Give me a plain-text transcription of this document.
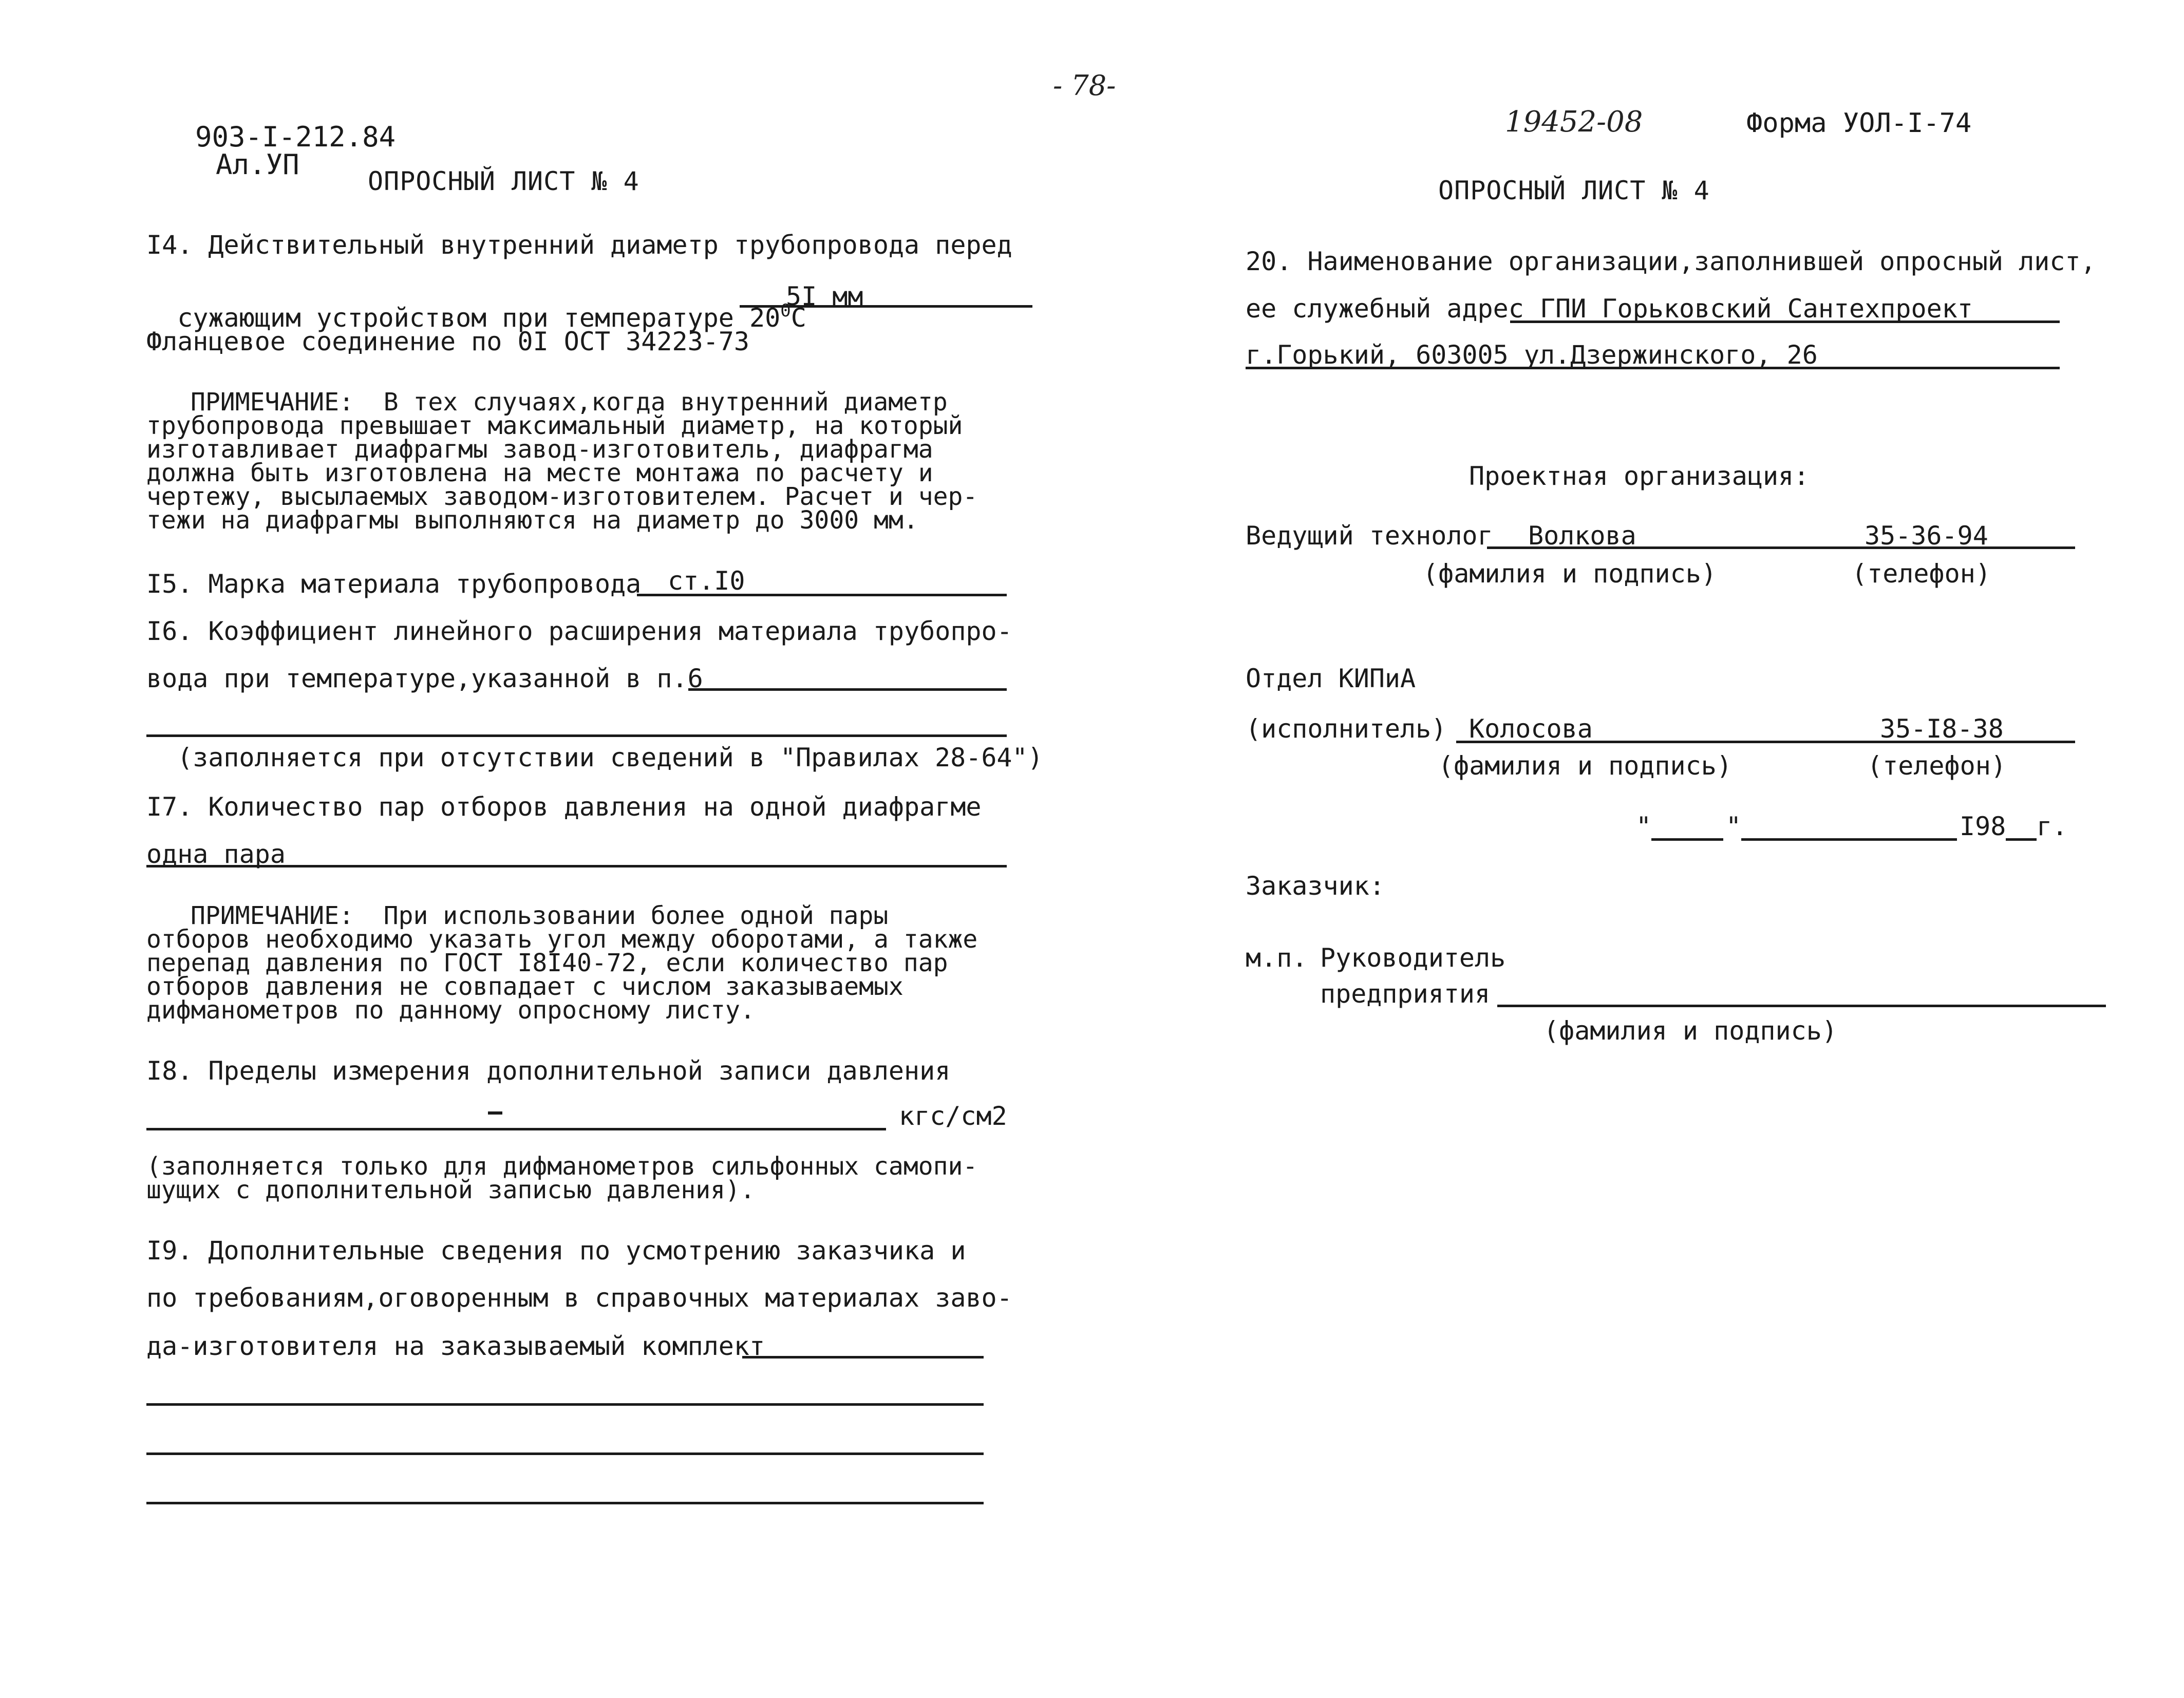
903-I-212.84
Ал.УП

- 78-
19452-08	Форма УОЛ-I-74
ОПРОСНЫЙ ЛИСТ № 4
I4. Действительный внутренний диаметр трубопровода перед

сужающим устройством при температуре $20^0С$

5I мм
Фланцевое соединение по 0I ОСТ 34223-73
ПРИМЕЧАНИЕ:  В тех случаях,когда внутренний диаметр
трубопровода превышает максимальный диаметр, на который
изготавливает диафрагмы завод-изготовитель, диафрагма
должна быть изготовлена на месте монтажа по расчету и
чертежу, высылаемых заводом-изготовителем. Расчет и чер-
тежи на диафрагмы выполняются на диаметр до 3000 мм.
I5. Марка материала трубопровода ст.I0
I6. Коэффициент линейного расширения материала трубопро-
вода при температуре,указанной в п.6
(заполняется при отсутствии сведений в "Правилах 28-64")
I7. Количество пар отборов давления на одной диафрагме
одна пара
ПРИМЕЧАНИЕ:  При использовании более одной пары
отборов необходимо указать угол между оборотами, а также
перепад давления по ГОСТ I8I40-72, если количество пар
отборов давления не совпадает с числом заказываемых
дифманометров по данному опросному листу.
I8. Пределы измерения дополнительной записи давления
кгс/см2
(заполняется только для дифманометров сильфонных самопи-
шущих с дополнительной записью давления).
I9. Дополнительные сведения по усмотрению заказчика и
по требованиям,оговоренным в справочных материалах заво-
да-изготовителя на заказываемый комплект
ОПРОСНЫЙ ЛИСТ № 4
20. Наименование организации,заполнившей опросный лист,
ее служебный адрес ГПИ Горьковский Сантехпроект
г.Горький, 603005 ул.Дзержинского, 26
Проектная организация:
Ведущий технолог Волкова	35-36-94
(фамилия и подпись)	(телефон)
Отдел КИПиА
(исполнитель) Колосова	35-I8-38
(фамилия и подпись)	(телефон)
"	"	I98 г.
Заказчик:
м.п. Руководитель
предприятия
(фамилия и подпись)
